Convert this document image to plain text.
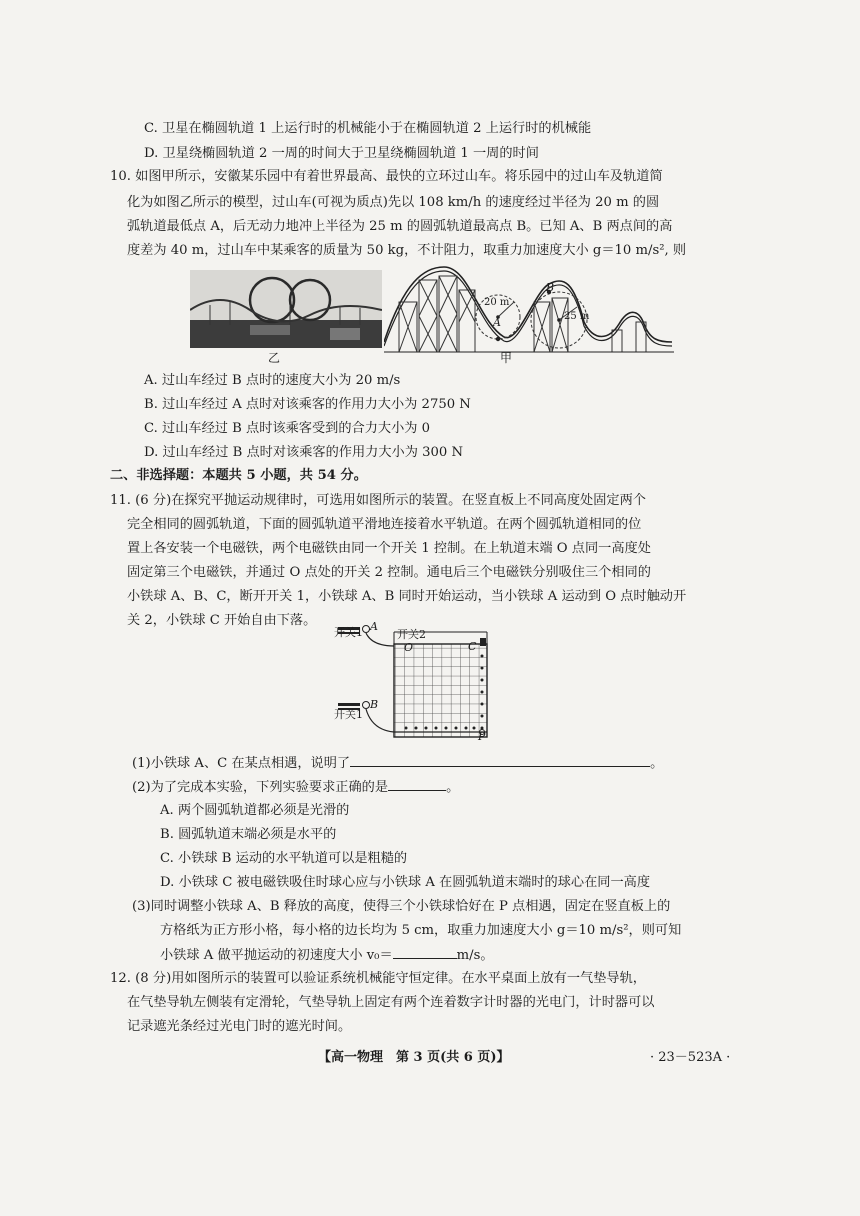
C. 卫星在椭圆轨道 1 上运行时的机械能小于在椭圆轨道 2 上运行时的机械能
D. 卫星绕椭圆轨道 2 一周的时间大于卫星绕椭圆轨道 1 一周的时间
10. 如图甲所示，安徽某乐园中有着世界最高、最快的立环过山车。将乐园中的过山车及轨道简
化为如图乙所示的模型，过山车(可视为质点)先以 108 km/h 的速度经过半径为 20 m 的圆
弧轨道最低点 A，后无动力地冲上半径为 25 m 的圆弧轨道最高点 B。已知 A、B 两点间的高
度差为 40 m，过山车中某乘客的质量为 50 kg，不计阻力，取重力加速度大小 g＝10 m/s², 则
乙
20 m
25 m
A
B
甲
A. 过山车经过 B 点时的速度大小为 20 m/s
B. 过山车经过 A 点时对该乘客的作用力大小为 2750 N
C. 过山车经过 B 点时该乘客受到的合力大小为 0
D. 过山车经过 B 点时对该乘客的作用力大小为 300 N
二、非选择题：本题共 5 小题，共 54 分。
11. (6 分)在探究平抛运动规律时，可选用如图所示的装置。在竖直板上不同高度处固定两个
完全相同的圆弧轨道，下面的圆弧轨道平滑地连接着水平轨道。在两个圆弧轨道相同的位
置上各安装一个电磁铁，两个电磁铁由同一个开关 1 控制。在上轨道末端 O 点同一高度处
固定第三个电磁铁，并通过 O 点处的开关 2 控制。通电后三个电磁铁分别吸住三个相同的
小铁球 A、B、C，断开开关 1，小铁球 A、B 同时开始运动，当小铁球 A 运动到 O 点时触动开
关 2，小铁球 C 开始自由下落。
开关1 A
开关2
O	C
开关1
B
P
(1)小铁球 A、C 在某点相遇，说明了	。
(2)为了完成本实验，下列实验要求正确的是	。
A. 两个圆弧轨道都必须是光滑的
B. 圆弧轨道末端必须是水平的
C. 小铁球 B 运动的水平轨道可以是粗糙的
D. 小铁球 C 被电磁铁吸住时球心应与小铁球 A 在圆弧轨道末端时的球心在同一高度
(3)同时调整小铁球 A、B 释放的高度，使得三个小铁球恰好在 P 点相遇，固定在竖直板上的
方格纸为正方形小格，每小格的边长均为 5 cm，取重力加速度大小 g＝10 m/s²，则可知
小铁球 A 做平抛运动的初速度大小 v₀＝	m/s。
12. (8 分)用如图所示的装置可以验证系统机械能守恒定律。在水平桌面上放有一气垫导轨，
在气垫导轨左侧装有定滑轮，气垫导轨上固定有两个连着数字计时器的光电门，计时器可以
记录遮光条经过光电门时的遮光时间。
【高一物理　第 3 页(共 6 页)】	· 23－523A ·
